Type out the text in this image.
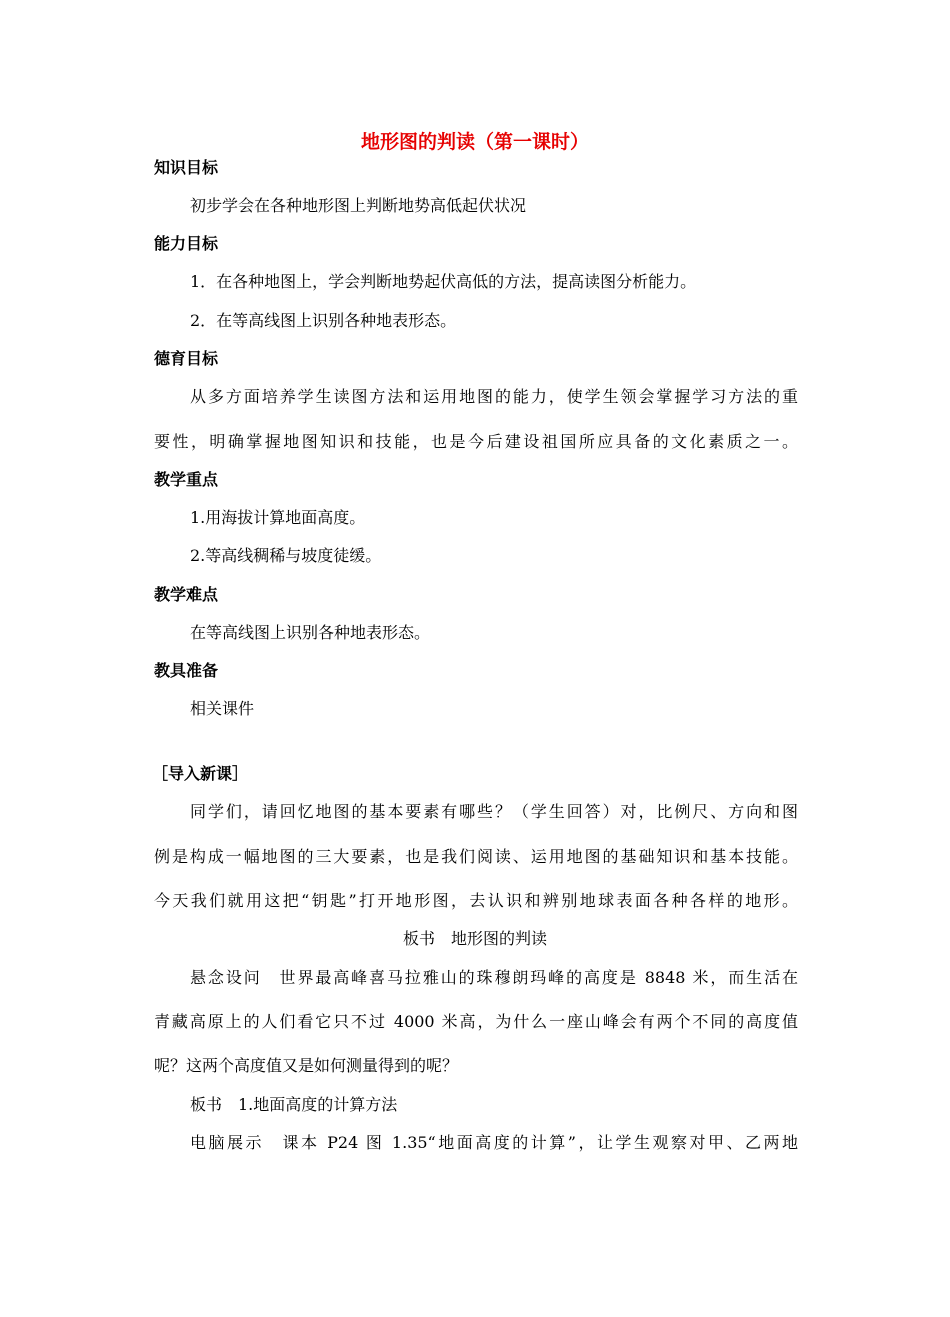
地形图的判读（第一课时）
知识目标
初步学会在各种地形图上判断地势高低起伏状况
能力目标
1．在各种地图上，学会判断地势起伏高低的方法，提高读图分析能力。
2．在等高线图上识别各种地表形态。
德育目标
从多方面培养学生读图方法和运用地图的能力，使学生领会掌握学习方法的重
要性，明确掌握地图知识和技能，也是今后建设祖国所应具备的文化素质之一。
教学重点
1.用海拔计算地面高度。
2.等高线稠稀与坡度徒缓。
教学难点
在等高线图上识别各种地表形态。
教具准备
相关课件
［导入新课］
同学们，请回忆地图的基本要素有哪些？（学生回答）对，比例尺、方向和图
例是构成一幅地图的三大要素，也是我们阅读、运用地图的基础知识和基本技能。
今天我们就用这把“钥匙”打开地形图，去认识和辨别地球表面各种各样的地形。
板书　地形图的判读
悬念设问　世界最高峰喜马拉雅山的珠穆朗玛峰的高度是 8848 米，而生活在
青藏高原上的人们看它只不过 4000 米高，为什么一座山峰会有两个不同的高度值
呢？这两个高度值又是如何测量得到的呢？
板书　1.地面高度的计算方法
电脑展示　课本 P24 图 1.35“地面高度的计算”，让学生观察对甲、乙两地
